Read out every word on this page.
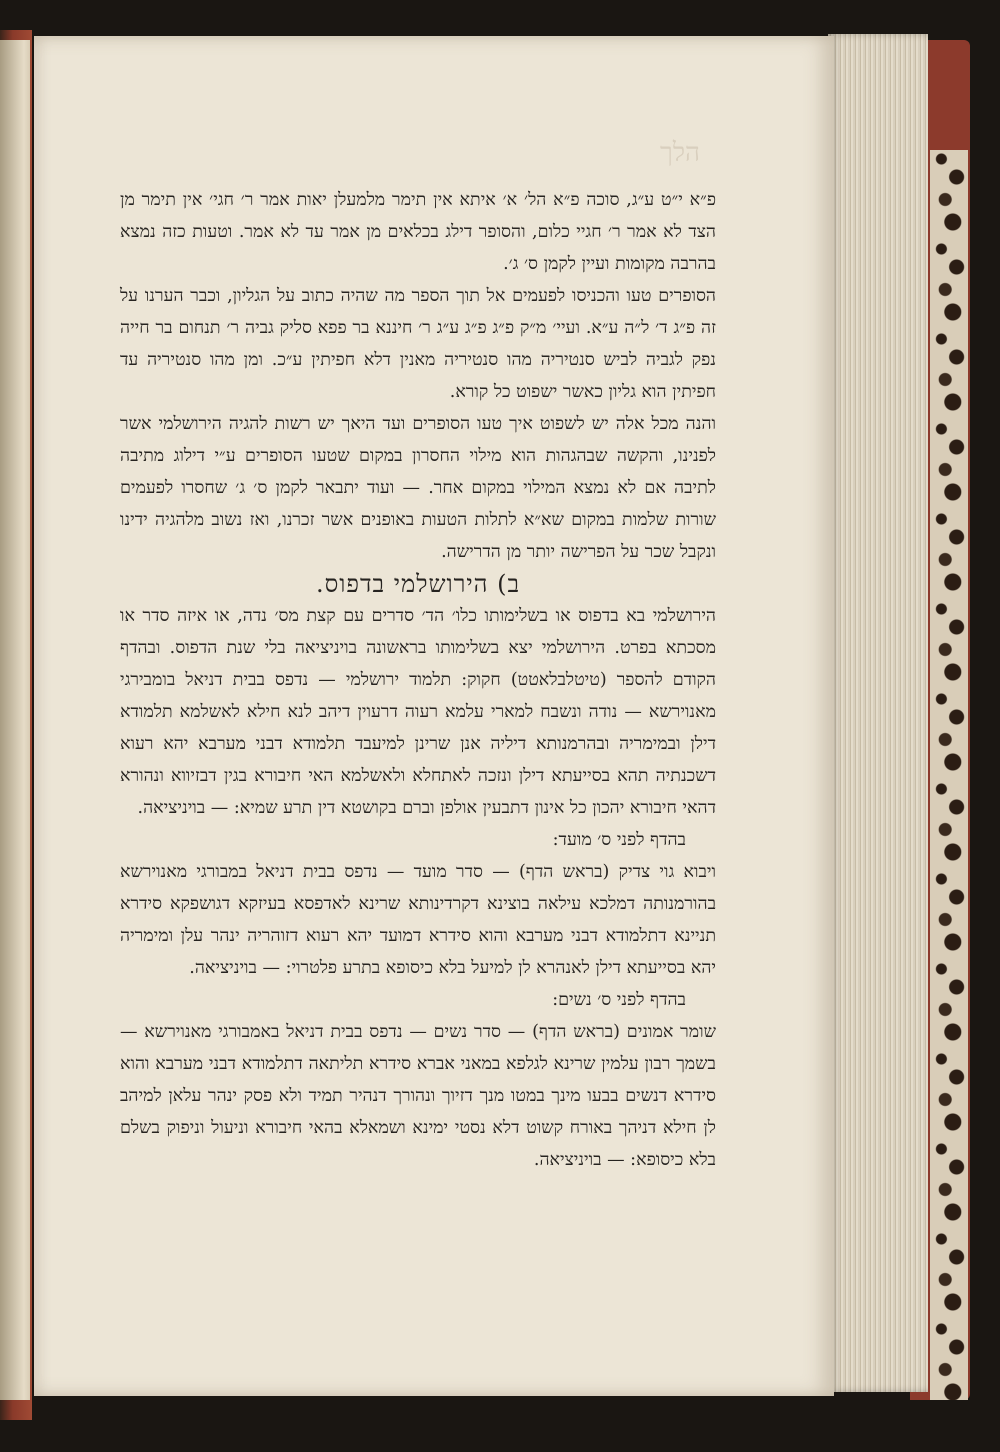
הלך

פ״א י״ט ע״ג, סוכה פ״א הל׳ א׳ איתא אין תימר מלמעלן יאות אמר ר׳ חגי׳ אין תימר מן הצד לא אמר ר׳ חגיי כלום, והסופר דילג בכלאים מן אמר עד לא אמר. וטעות כזה נמצא בהרבה מקומות ועיין לקמן ס׳ ג׳.

הסופרים טעו והכניסו לפעמים אל תוך הספר מה שהיה כתוב על הגליון, וכבר הערנו על זה פ״ג ד׳ ל״ה ע״א. ועיי׳ מ״ק פ״ג פ״ג ע״ג ר׳ חיננא בר פפא סליק גביה ר׳ תנחום בר חייה נפק לגביה לביש סנטיריה מהו סנטיריה מאנין דלא חפיתין ע״כ. ומן מהו סנטיריה עד חפיתין הוא גליון כאשר ישפוט כל קורא.

והנה מכל אלה יש לשפוט איך טעו הסופרים ועד היאך יש רשות להגיה הירושלמי אשר לפנינו, והקשה שבהגהות הוא מילוי החסרון במקום שטעו הסופרים ע״י דילוג מתיבה לתיבה אם לא נמצא המילוי במקום אחר. — ועוד יתבאר לקמן ס׳ ג׳ שחסרו לפעמים שורות שלמות במקום שא״א לתלות הטעות באופנים אשר זכרנו, ואז נשוב מלהגיה ידינו ונקבל שכר על הפרישה יותר מן הדרישה.

ב) הירושלמי בדפוס.

הירושלמי בא בדפוס או בשלימותו כלו׳ הד׳ סדרים עם קצת מס׳ נדה, או איזה סדר או מסכתא בפרט. הירושלמי יצא בשלימותו בראשונה בויניציאה בלי שנת הדפוס. ובהדף הקודם להספר (טיטלבלאטט) חקוק: תלמוד ירושלמי — נדפס בבית דניאל בומבירגי מאנוירשא — נודה ונשבח למארי עלמא רעוה דרעוין דיהב לנא חילא לאשלמא תלמודא דילן ובמימריה ובהרמנותא דיליה אנן שרינן למיעבד תלמודא דבני מערבא יהא רעוא דשכנתיה תהא בסייעתא דילן ונזכה לאתחלא ולאשלמא האי חיבורא בגין דבזיווא ונהורא דהאי חיבורא יהכון כל אינון דתבעין אולפן וברם בקושטא דין תרע שמיא: — בויניציאה.

בהדף לפני ס׳ מועד:

ויבוא גוי צדיק (בראש הדף) — סדר מועד — נדפס בבית דניאל במבורגי מאנוירשא בהורמנותה דמלכא עילאה בוצינא דקרדינותא שרינא לאדפסא בעיזקא דגושפקא סידרא תניינא דתלמודא דבני מערבא והוא סידרא דמועד יהא רעוא דזוהריה ינהר עלן ומימריה יהא בסייעתא דילן לאנהרא לן למיעל בלא כיסופא בתרע פלטרוי: — בויניציאה.

בהדף לפני ס׳ נשים:

שומר אמונים (בראש הדף) — סדר נשים — נדפס בבית דניאל באמבורגי מאנוירשא — בשמך רבון עלמין שרינא לגלפא במאני אברא סידרא תליתאה דתלמודא דבני מערבא והוא סידרא דנשים בבעו מינך במטו מנך דזיוך ונהורך דנהיר תמיד ולא פסק ינהר עלאן למיהב לן חילא דניהך באורח קשוט דלא נסטי ימינא ושמאלא בהאי חיבורא וניעול וניפוק בשלם בלא כיסופא: — בויניציאה.
